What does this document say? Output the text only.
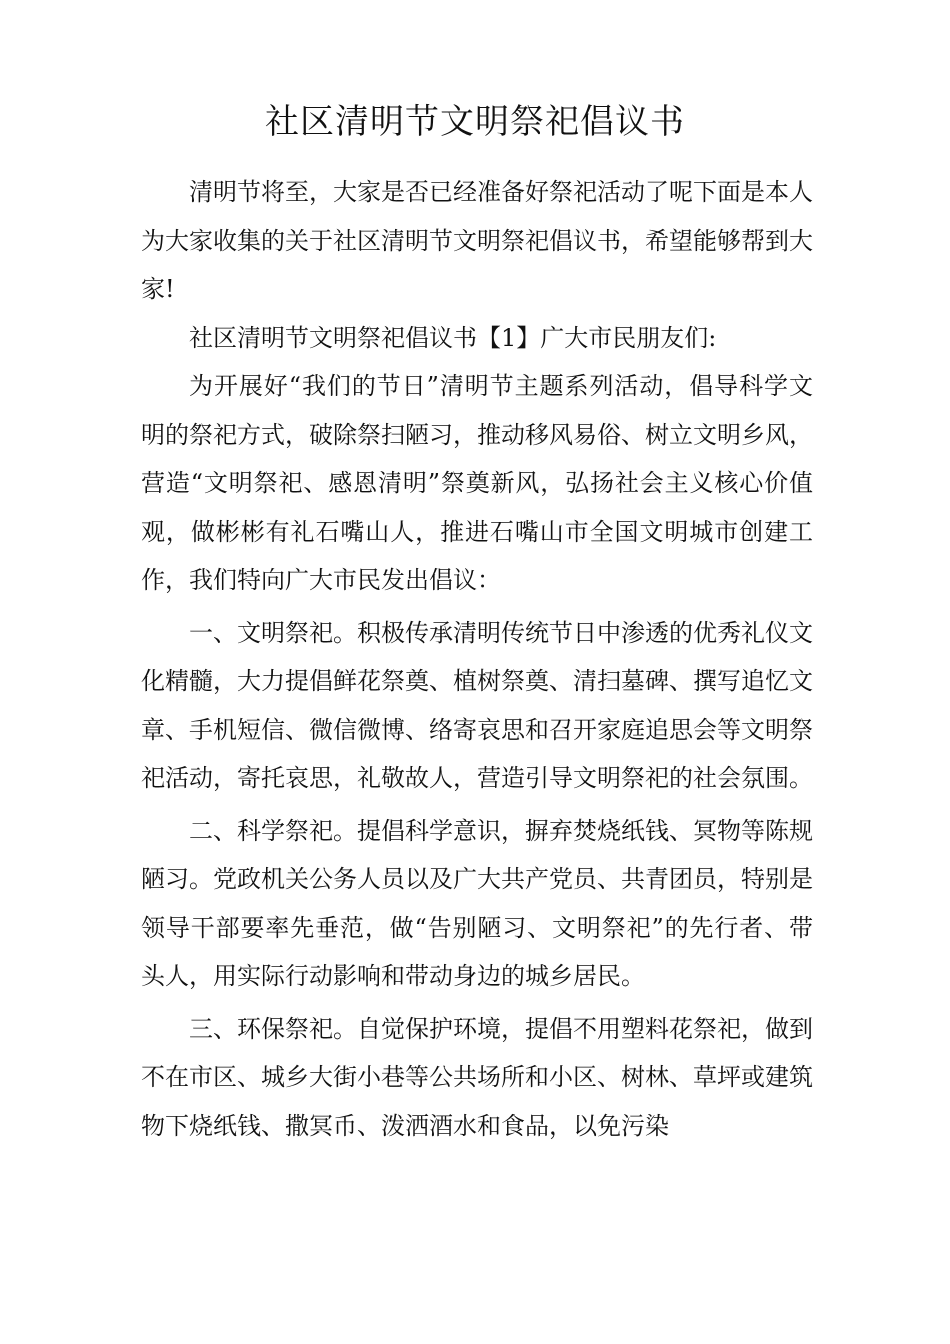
社区清明节文明祭祀倡议书

清明节将至，大家是否已经准备好祭祀活动了呢下面是本人为大家收集的关于社区清明节文明祭祀倡议书，希望能够帮到大家!

社区清明节文明祭祀倡议书【1】广大市民朋友们:

为开展好“我们的节日”清明节主题系列活动，倡导科学文明的祭祀方式，破除祭扫陋习，推动移风易俗、树立文明乡风，营造“文明祭祀、感恩清明”祭奠新风，弘扬社会主义核心价值观，做彬彬有礼石嘴山人，推进石嘴山市全国文明城市创建工作，我们特向广大市民发出倡议：

一、文明祭祀。积极传承清明传统节日中渗透的优秀礼仪文化精髓，大力提倡鲜花祭奠、植树祭奠、清扫墓碑、撰写追忆文章、手机短信、微信微博、络寄哀思和召开家庭追思会等文明祭祀活动，寄托哀思，礼敬故人，营造引导文明祭祀的社会氛围。

二、科学祭祀。提倡科学意识，摒弃焚烧纸钱、冥物等陈规陋习。党政机关公务人员以及广大共产党员、共青团员，特别是领导干部要率先垂范，做“告别陋习、文明祭祀”的先行者、带头人，用实际行动影响和带动身边的城乡居民。

三、环保祭祀。自觉保护环境，提倡不用塑料花祭祀，做到不在市区、城乡大街小巷等公共场所和小区、树林、草坪或建筑物下烧纸钱、撒冥币、泼洒酒水和食品，以免污染
